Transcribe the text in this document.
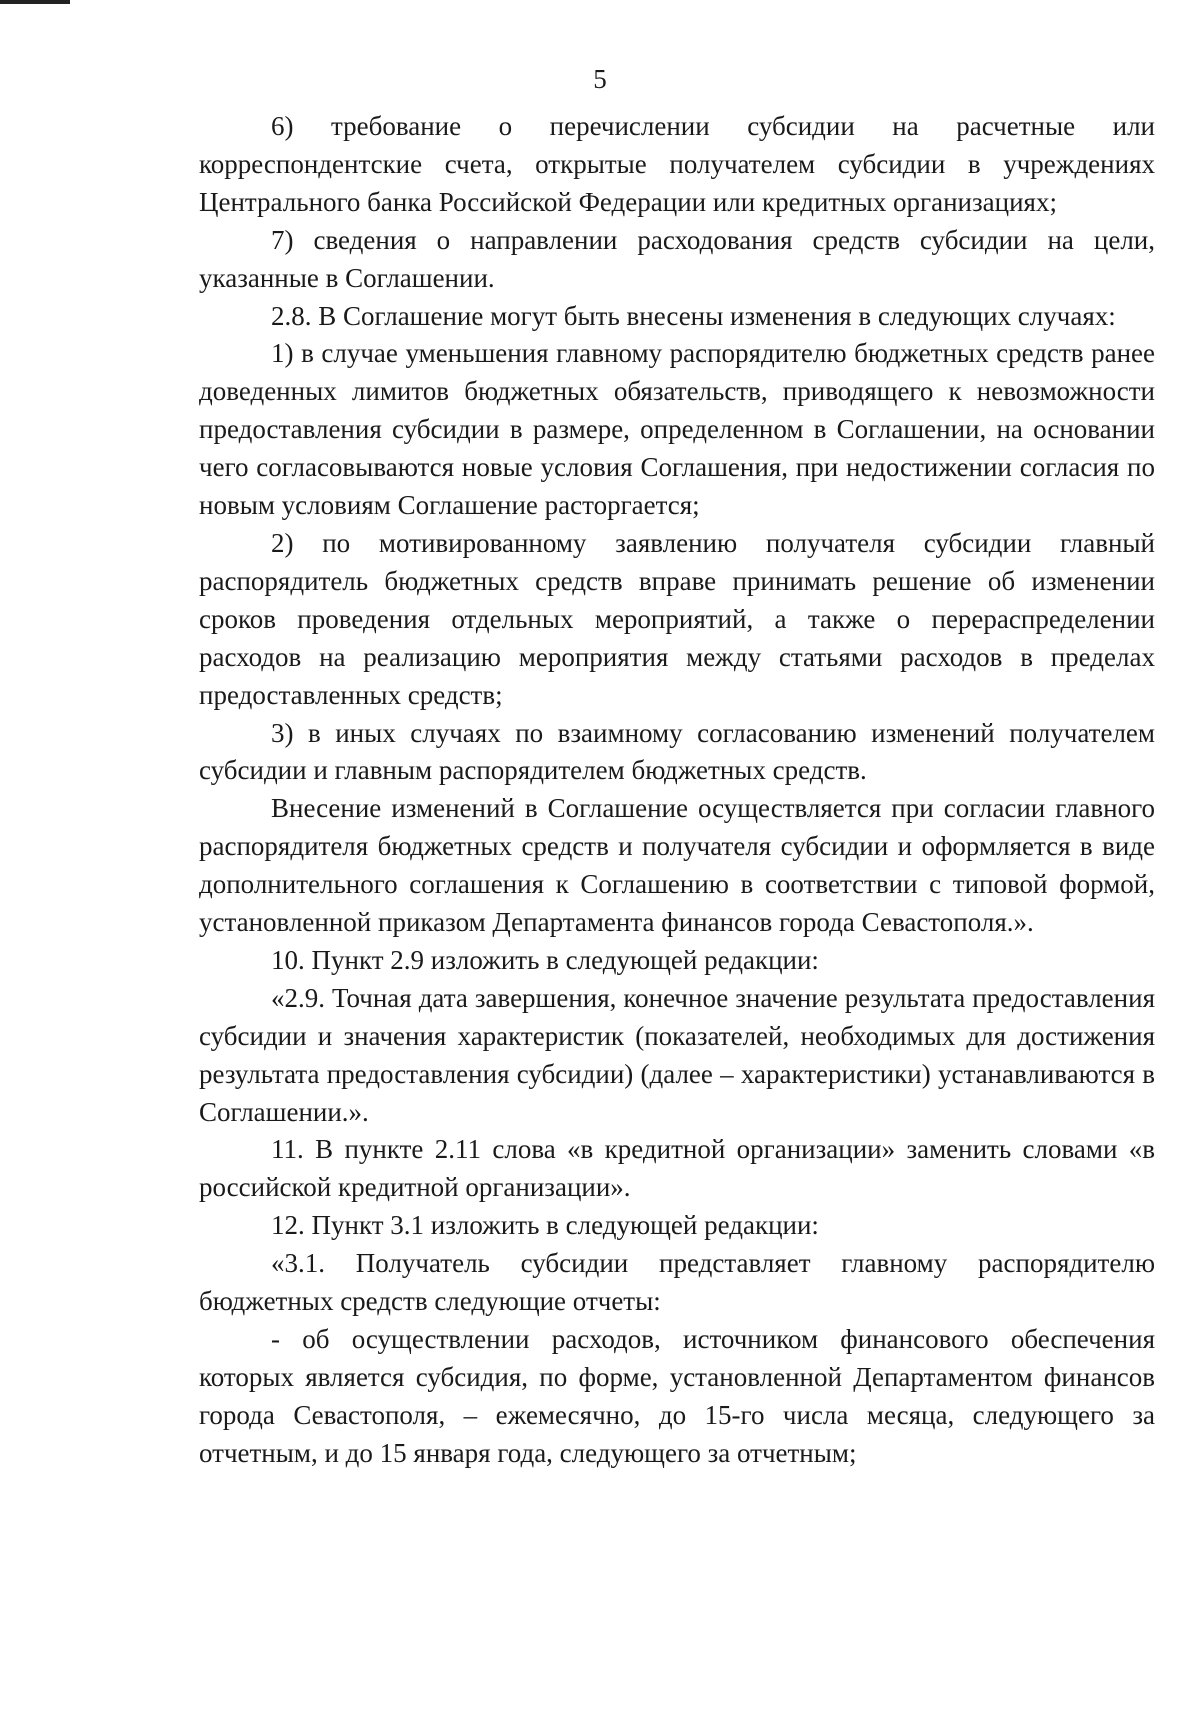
5

6) требование о перечислении субсидии на расчетные или корреспондентские счета, открытые получателем субсидии в учреждениях Центрального банка Российской Федерации или кредитных организациях;

7) сведения о направлении расходования средств субсидии на цели, указанные в Соглашении.

2.8. В Соглашение могут быть внесены изменения в следующих случаях:

1) в случае уменьшения главному распорядителю бюджетных средств ранее доведенных лимитов бюджетных обязательств, приводящего к невозможности предоставления субсидии в размере, определенном в Соглашении, на основании чего согласовываются новые условия Соглашения, при недостижении согласия по новым условиям Соглашение расторгается;

2) по мотивированному заявлению получателя субсидии главный распорядитель бюджетных средств вправе принимать решение об изменении сроков проведения отдельных мероприятий, а также о перераспределении расходов на реализацию мероприятия между статьями расходов в пределах предоставленных средств;

3) в иных случаях по взаимному согласованию изменений получателем субсидии и главным распорядителем бюджетных средств.

Внесение изменений в Соглашение осуществляется при согласии главного распорядителя бюджетных средств и получателя субсидии и оформляется в виде дополнительного соглашения к Соглашению в соответствии с типовой формой, установленной приказом Департамента финансов города Севастополя.».

10. Пункт 2.9 изложить в следующей редакции:

«2.9. Точная дата завершения, конечное значение результата предоставления субсидии и значения характеристик (показателей, необходимых для достижения результата предоставления субсидии) (далее – характеристики) устанавливаются в Соглашении.».

11. В пункте 2.11 слова «в кредитной организации» заменить словами «в российской кредитной организации».

12. Пункт 3.1 изложить в следующей редакции:

«3.1. Получатель субсидии представляет главному распорядителю бюджетных средств следующие отчеты:

- об осуществлении расходов, источником финансового обеспечения которых является субсидия, по форме, установленной Департаментом финансов города Севастополя, – ежемесячно, до 15-го числа месяца, следующего за отчетным, и до 15 января года, следующего за отчетным;
